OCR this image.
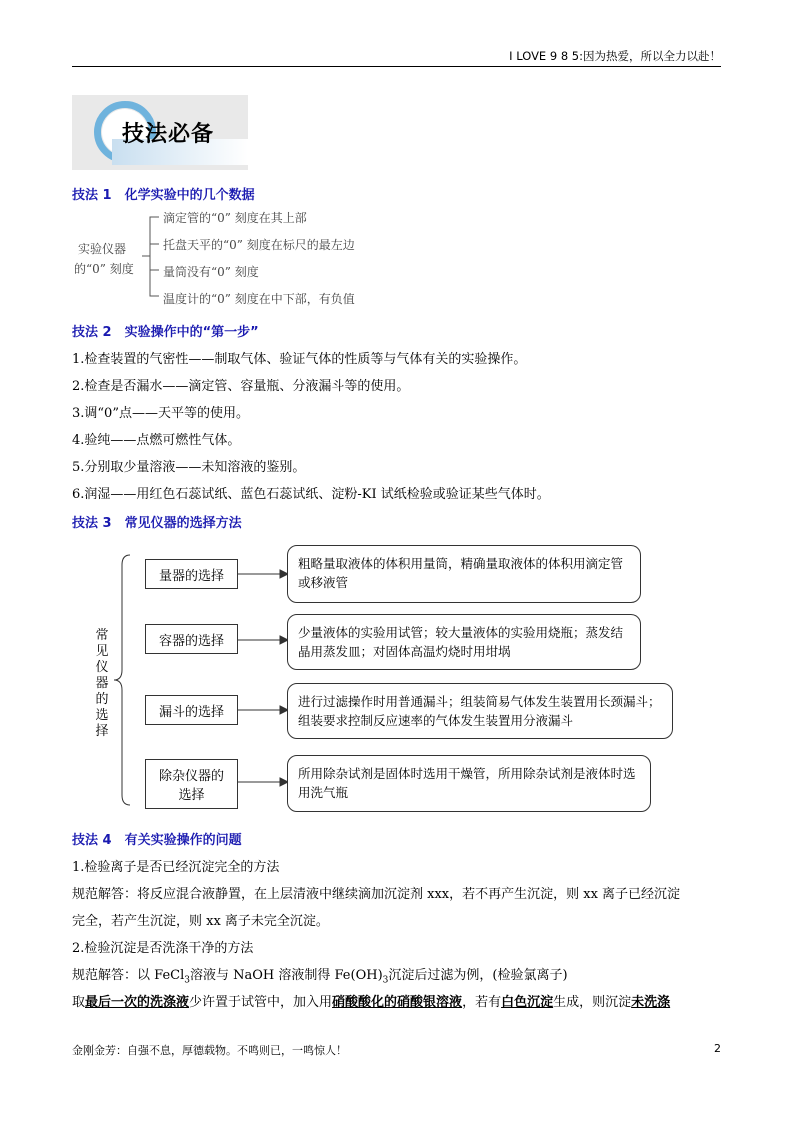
I LOVE 9 8 5:因为热爱，所以全力以赴！
技法必备
技法 1　化学实验中的几个数据
实验仪器
的“0” 刻度
滴定管的“0” 刻度在其上部
托盘天平的“0” 刻度在标尺的最左边
量筒没有“0” 刻度
温度计的“0” 刻度在中下部，有负值
技法 2　实验操作中的“第一步”
1.检查装置的气密性——制取气体、验证气体的性质等与气体有关的实验操作。
2.检查是否漏水——滴定管、容量瓶、分液漏斗等的使用。
3.调“0”点——天平等的使用。
4.验纯——点燃可燃性气体。
5.分别取少量溶液——未知溶液的鉴别。
6.润湿——用红色石蕊试纸、蓝色石蕊试纸、淀粉-KI 试纸检验或验证某些气体时。
技法 3　常见仪器的选择方法
常
见
仪
器
的
选
择
量器的选择
容器的选择
漏斗的选择
除杂仪器的选择
粗略量取液体的体积用量筒，精确量取液体的体积用滴定管或移液管
少量液体的实验用试管；较大量液体的实验用烧瓶；蒸发结晶用蒸发皿；对固体高温灼烧时用坩埚
进行过滤操作时用普通漏斗；组装简易气体发生装置用长颈漏斗；组装要求控制反应速率的气体发生装置用分液漏斗
所用除杂试剂是固体时选用干燥管，所用除杂试剂是液体时选用洗气瓶
技法 4　有关实验操作的问题
1.检验离子是否已经沉淀完全的方法
规范解答：将反应混合液静置，在上层清液中继续滴加沉淀剂 xxx，若不再产生沉淀，则 xx 离子已经沉淀
完全，若产生沉淀，则 xx 离子未完全沉淀。
2.检验沉淀是否洗涤干净的方法
规范解答：以 FeCl$_3$溶液与 NaOH 溶液制得 $Fe(OH)_3$沉淀后过滤为例，(检验氯离子)
取最后一次的洗涤液少许置于试管中，加入用硝酸酸化的硝酸银溶液，若有白色沉淀生成，则沉淀未洗涤
金刚金芳：自强不息，厚德载物。不鸣则已，一鸣惊人！	2
